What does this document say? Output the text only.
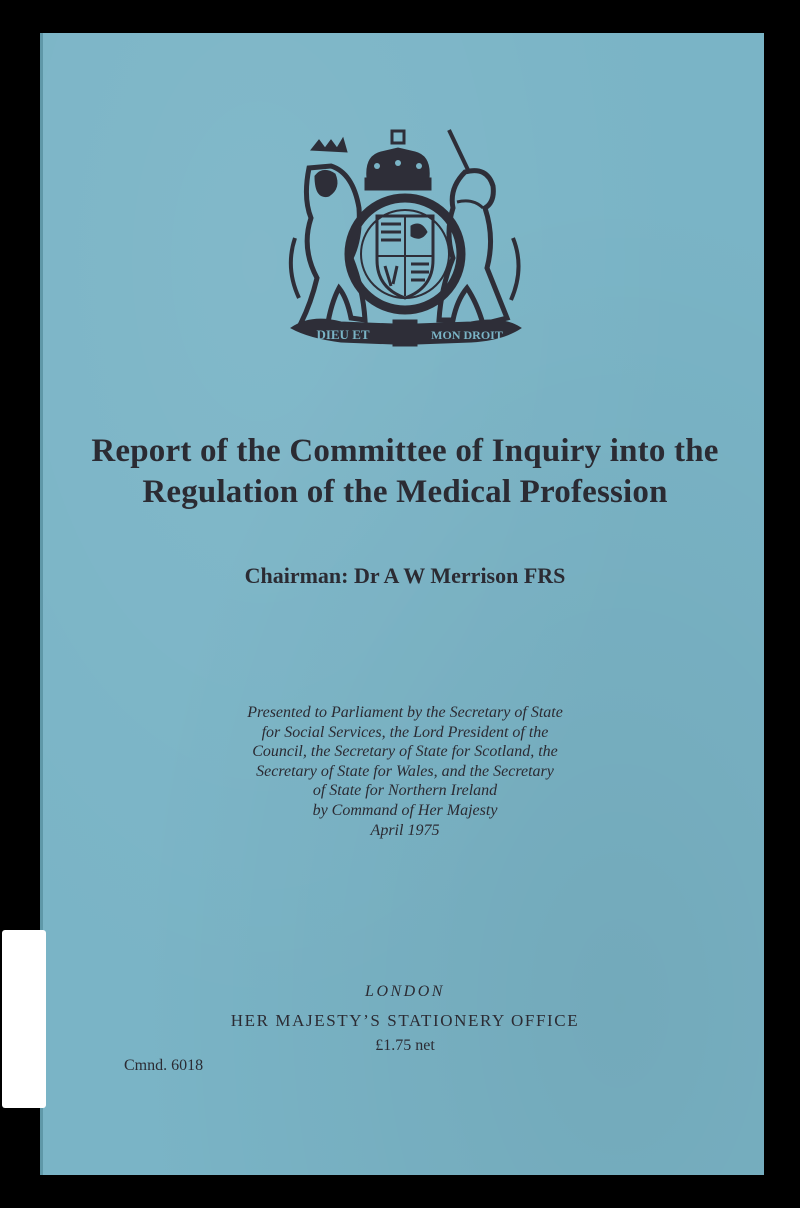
DIEU ET	MON DROIT
Report of the Committee of Inquiry into the
Regulation of the Medical Profession
Chairman: Dr A W Merrison FRS
Presented to Parliament by the Secretary of State
for Social Services, the Lord President of the
Council, the Secretary of State for Scotland, the
Secretary of State for Wales, and the Secretary
of State for Northern Ireland
by Command of Her Majesty
April 1975
LONDON
HER MAJESTY’S STATIONERY OFFICE
£1.75 net
Cmnd. 6018
